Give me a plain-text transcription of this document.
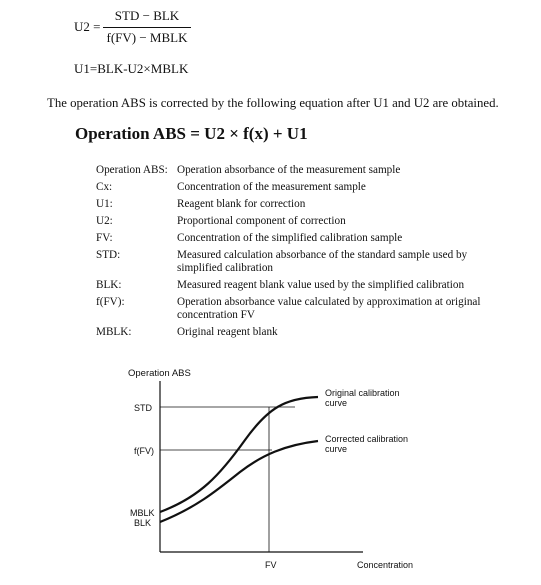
U2 =
STD − BLK
f(FV) − MBLK
U1=BLK-U2×MBLK
The operation ABS is corrected by the following equation after U1 and U2 are obtained.
Operation ABS = U2 × f(x) + U1
Operation ABS: Operation absorbance of the measurement sample
Cx:	Concentration of the measurement sample
U1:	Reagent blank for correction
U2:	Proportional component of correction
FV:	Concentration of the simplified calibration sample
STD:	Measured calculation absorbance of the standard sample used by simplified calibration
BLK:	Measured reagent blank value used by the simplified calibration
f(FV):	Operation absorbance value calculated by approximation at original concentration FV
MBLK:	Original reagent blank
Operation ABS
STD
f(FV)
MBLK
BLK
FV	Concentration
Original calibration
curve
Corrected calibration
curve
